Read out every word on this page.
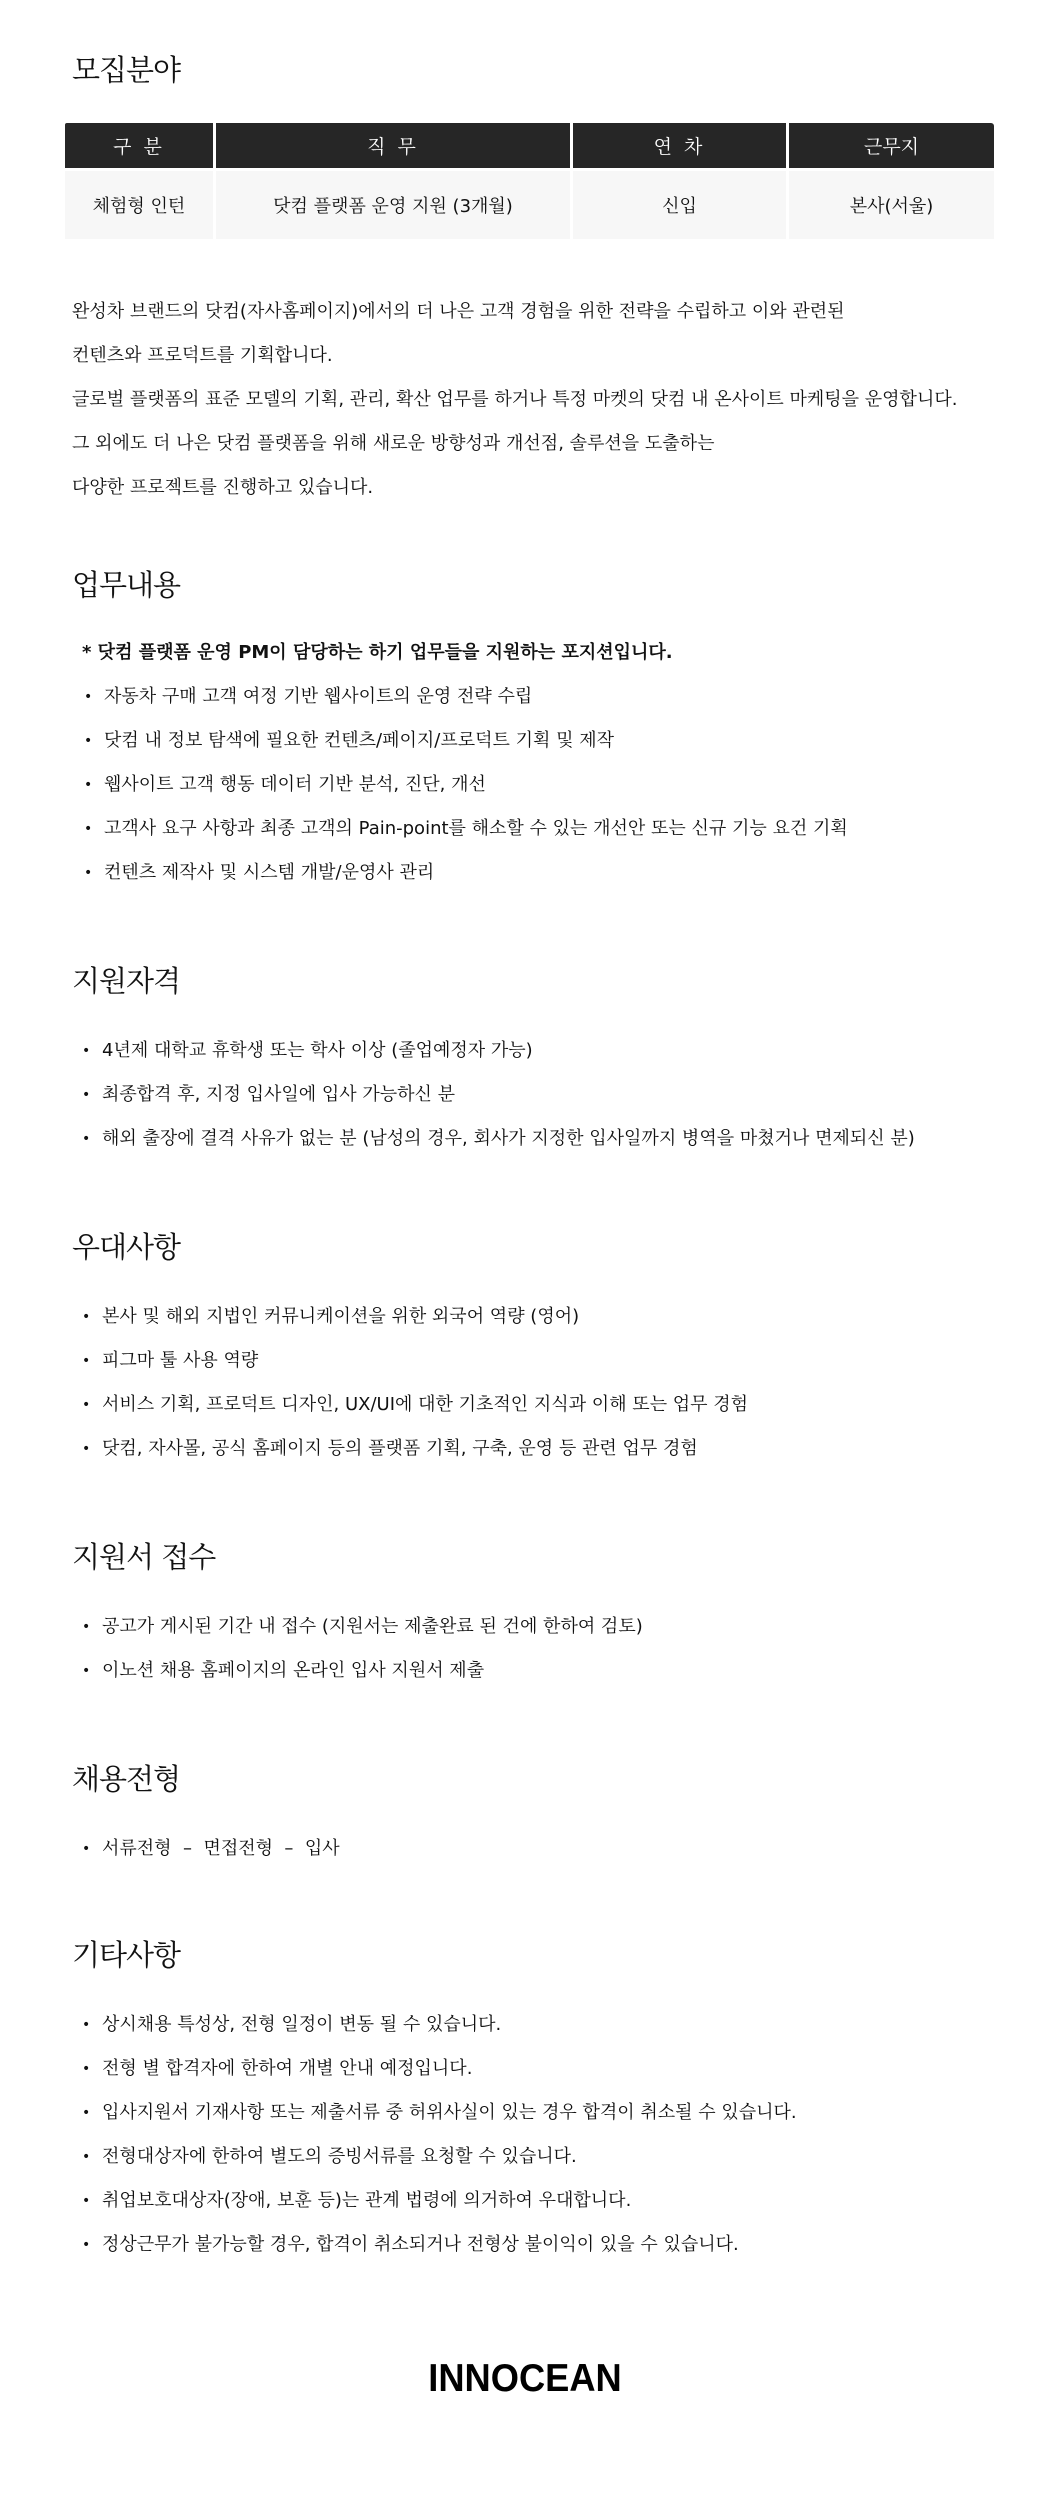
모집분야
구 분	직 무	연 차	근무지
체험형 인턴	닷컴 플랫폼 운영 지원 (3개월)	신입	본사(서울)
완성차 브랜드의 닷컴(자사홈페이지)에서의 더 나은 고객 경험을 위한 전략을 수립하고 이와 관련된
컨텐츠와 프로덕트를 기획합니다.
글로벌 플랫폼의 표준 모델의 기획, 관리, 확산 업무를 하거나 특정 마켓의 닷컴 내 온사이트 마케팅을 운영합니다.
그 외에도 더 나은 닷컴 플랫폼을 위해 새로운 방향성과 개선점, 솔루션을 도출하는
다양한 프로젝트를 진행하고 있습니다.
업무내용
* 닷컴 플랫폼 운영 PM이 담당하는 하기 업무들을 지원하는 포지션입니다.
• 자동차 구매 고객 여정 기반 웹사이트의 운영 전략 수립
• 닷컴 내 정보 탐색에 필요한 컨텐츠/페이지/프로덕트 기획 및 제작
• 웹사이트 고객 행동 데이터 기반 분석, 진단, 개선
• 고객사 요구 사항과 최종 고객의 Pain-point를 해소할 수 있는 개선안 또는 신규 기능 요건 기획
• 컨텐츠 제작사 및 시스템 개발/운영사 관리
지원자격
• 4년제 대학교 휴학생 또는 학사 이상 (졸업예정자 가능)
• 최종합격 후, 지정 입사일에 입사 가능하신 분
• 해외 출장에 결격 사유가 없는 분 (남성의 경우, 회사가 지정한 입사일까지 병역을 마쳤거나 면제되신 분)
우대사항
• 본사 및 해외 지법인 커뮤니케이션을 위한 외국어 역량 (영어)
• 피그마 툴 사용 역량
• 서비스 기획, 프로덕트 디자인, UX/UI에 대한 기초적인 지식과 이해 또는 업무 경험
• 닷컴, 자사몰, 공식 홈페이지 등의 플랫폼 기획, 구축, 운영 등 관련 업무 경험
지원서 접수
• 공고가 게시된 기간 내 접수 (지원서는 제출완료 된 건에 한하여 검토)
• 이노션 채용 홈페이지의 온라인 입사 지원서 제출
채용전형
• 서류전형  –  면접전형  –  입사
기타사항
• 상시채용 특성상, 전형 일정이 변동 될 수 있습니다.
• 전형 별 합격자에 한하여 개별 안내 예정입니다.
• 입사지원서 기재사항 또는 제출서류 중 허위사실이 있는 경우 합격이 취소될 수 있습니다.
• 전형대상자에 한하여 별도의 증빙서류를 요청할 수 있습니다.
• 취업보호대상자(장애, 보훈 등)는 관계 법령에 의거하여 우대합니다.
• 정상근무가 불가능할 경우, 합격이 취소되거나 전형상 불이익이 있을 수 있습니다.
INNOCEAN
